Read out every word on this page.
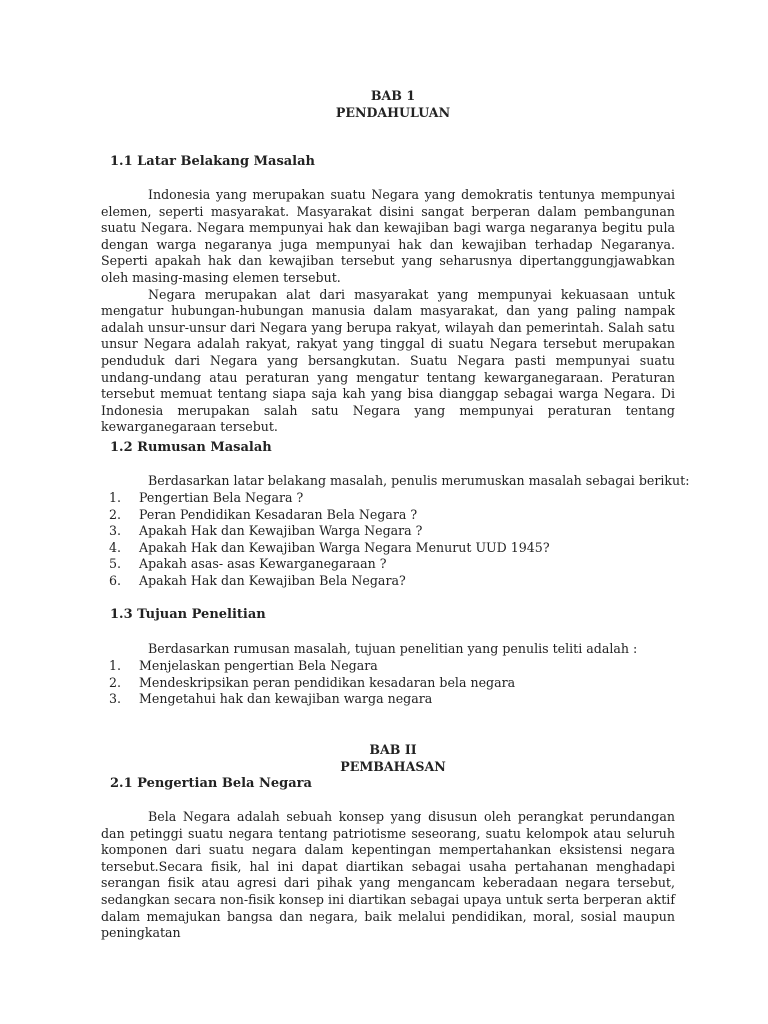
BAB 1
PENDAHULUAN
1.1 Latar Belakang Masalah

Indonesia yang merupakan suatu Negara yang demokratis tentunya mempunyai elemen, seperti masyarakat. Masyarakat disini sangat berperan dalam pembangunan suatu Negara. Negara mempunyai hak dan kewajiban bagi warga negaranya begitu pula dengan warga negaranya juga mempunyai hak dan kewajiban terhadap Negaranya. Seperti apakah hak dan kewajiban tersebut yang seharusnya dipertanggungjawabkan oleh masing-masing elemen tersebut.

Negara merupakan alat dari masyarakat yang mempunyai kekuasaan untuk mengatur hubungan-hubungan manusia dalam masyarakat, dan yang paling nampak adalah unsur-unsur dari Negara yang berupa rakyat, wilayah dan pemerintah. Salah satu unsur Negara adalah rakyat, rakyat yang tinggal di suatu Negara tersebut merupakan penduduk dari Negara yang bersangkutan. Suatu Negara pasti mempunyai suatu undang-undang atau peraturan yang mengatur tentang kewarganegaraan. Peraturan tersebut memuat tentang siapa saja kah yang bisa dianggap sebagai warga Negara. Di Indonesia merupakan salah satu Negara yang mempunyai peraturan tentang kewarganegaraan tersebut.

1.2 Rumusan Masalah
Berdasarkan latar belakang masalah, penulis merumuskan masalah sebagai berikut:
1. Pengertian Bela Negara ?
2. Peran Pendidikan Kesadaran Bela Negara ?
3. Apakah Hak dan Kewajiban Warga Negara ?
4. Apakah Hak dan Kewajiban Warga Negara Menurut UUD 1945?
5. Apakah asas- asas Kewarganegaraan ?
6. Apakah Hak dan Kewajiban Bela Negara?
1.3 Tujuan Penelitian
Berdasarkan rumusan masalah, tujuan penelitian yang penulis teliti adalah :
1. Menjelaskan pengertian Bela Negara
2. Mendeskripsikan peran pendidikan kesadaran bela negara
3. Mengetahui hak dan kewajiban warga negara
BAB II
PEMBAHASAN
2.1 Pengertian Bela Negara

Bela Negara adalah sebuah konsep yang disusun oleh perangkat perundangan dan petinggi suatu negara tentang patriotisme seseorang, suatu kelompok atau seluruh komponen dari suatu negara dalam kepentingan mempertahankan eksistensi negara tersebut.Secara fisik, hal ini dapat diartikan sebagai usaha pertahanan menghadapi serangan fisik atau agresi dari pihak yang mengancam keberadaan negara tersebut, sedangkan secara non-fisik konsep ini diartikan sebagai upaya untuk serta berperan aktif dalam memajukan bangsa dan negara, baik melalui pendidikan, moral, sosial maupun peningkatan
